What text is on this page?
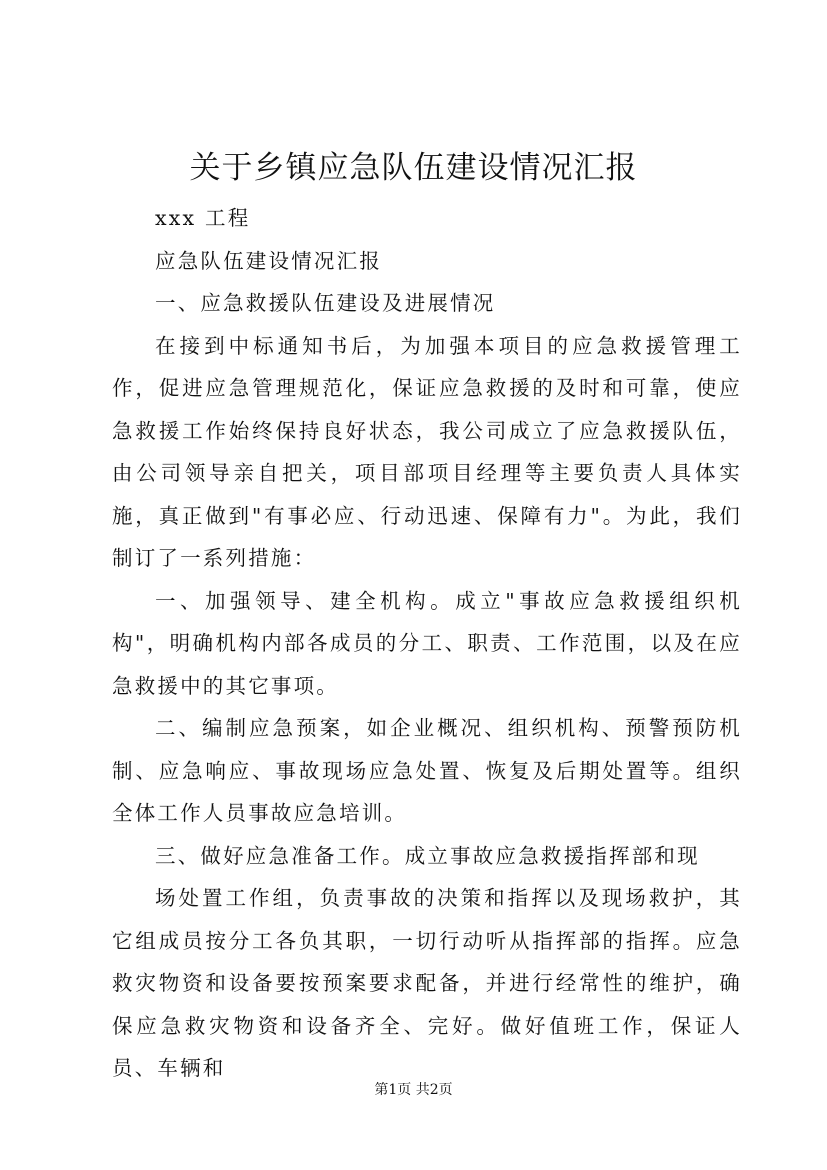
关于乡镇应急队伍建设情况汇报

xxx 工程

应急队伍建设情况汇报

一、应急救援队伍建设及进展情况

在接到中标通知书后，为加强本项目的应急救援管理工作，促进应急管理规范化，保证应急救援的及时和可靠，使应急救援工作始终保持良好状态，我公司成立了应急救援队伍，由公司领导亲自把关，项目部项目经理等主要负责人具体实施，真正做到"有事必应、行动迅速、保障有力"。为此，我们制订了一系列措施：

一、加强领导、建全机构。成立"事故应急救援组织机构"，明确机构内部各成员的分工、职责、工作范围，以及在应急救援中的其它事项。

二、编制应急预案，如企业概况、组织机构、预警预防机制、应急响应、事故现场应急处置、恢复及后期处置等。组织全体工作人员事故应急培训。

三、做好应急准备工作。成立事故应急救援指挥部和现

场处置工作组，负责事故的决策和指挥以及现场救护，其它组成员按分工各负其职，一切行动听从指挥部的指挥。应急救灾物资和设备要按预案要求配备，并进行经常性的维护，确保应急救灾物资和设备齐全、完好。做好值班工作，保证人员、车辆和

第1页 共2页
